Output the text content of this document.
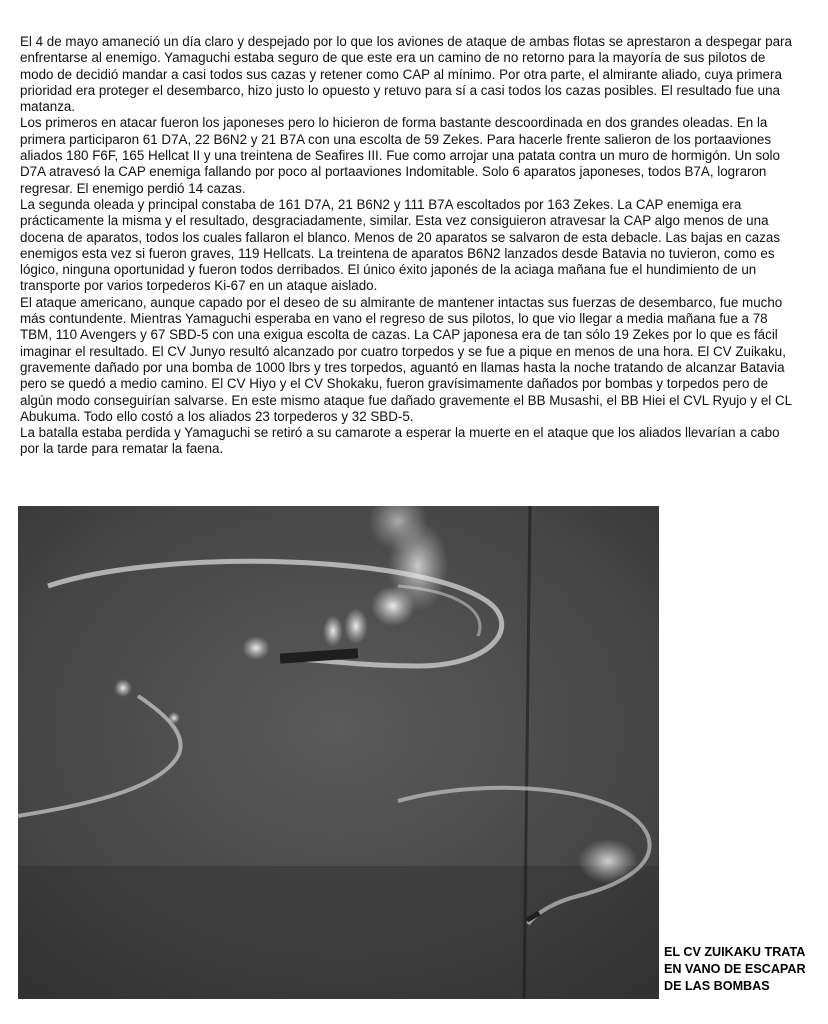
El 4 de mayo amaneció un día claro y despejado por lo que los aviones de ataque de ambas flotas se aprestaron a despegar para enfrentarse al enemigo. Yamaguchi estaba seguro de que este era un camino de no retorno para la mayoría de sus pilotos de modo de decidió mandar a casi todos sus cazas y retener como CAP al mínimo. Por otra parte, el almirante aliado, cuya primera prioridad era proteger el desembarco, hizo justo lo opuesto y retuvo para sí a casi todos los cazas posibles. El resultado fue una matanza.

Los primeros en atacar fueron los japoneses pero lo hicieron de forma bastante descoordinada en dos grandes oleadas. En la primera participaron 61 D7A, 22 B6N2 y 21 B7A con una escolta de 59 Zekes. Para hacerle frente salieron de los portaaviones aliados 180 F6F, 165 Hellcat II y una treintena de Seafires III. Fue como arrojar una patata contra un muro de hormigón. Un solo D7A atravesó la CAP enemiga fallando por poco al portaaviones Indomitable. Solo 6 aparatos japoneses, todos B7A, lograron regresar. El enemigo perdió 14 cazas.

La segunda oleada y principal constaba de 161 D7A, 21 B6N2 y 111 B7A escoltados por 163 Zekes. La CAP enemiga era prácticamente la misma y el resultado, desgraciadamente, similar. Esta vez consiguieron atravesar la CAP algo menos de una docena de aparatos, todos los cuales fallaron el blanco. Menos de 20 aparatos se salvaron de esta debacle. Las bajas en cazas enemigos esta vez si fueron graves, 119 Hellcats. La treintena de aparatos B6N2 lanzados desde Batavia no tuvieron, como es lógico, ninguna oportunidad y fueron todos derribados. El único éxito japonés de la aciaga mañana fue el hundimiento de un transporte por varios torpederos Ki-67 en un ataque aislado.

El ataque americano, aunque capado por el deseo de su almirante de mantener intactas sus fuerzas de desembarco, fue mucho más contundente. Mientras Yamaguchi esperaba en vano el regreso de sus pilotos, lo que vio llegar a media mañana fue a 78 TBM, 110 Avengers y 67 SBD-5 con una exigua escolta de cazas. La CAP japonesa era de tan sólo 19 Zekes por lo que es fácil imaginar el resultado. El CV Junyo resultó alcanzado por cuatro torpedos y se fue a pique en menos de una hora. El CV Zuikaku, gravemente dañado por una bomba de 1000 lbrs y tres torpedos, aguantó en llamas hasta la noche tratando de alcanzar Batavia pero se quedó a medio camino. El CV Hiyo y el CV Shokaku, fueron gravísimamente dañados por bombas y torpedos pero de algún modo conseguirían salvarse. En este mismo ataque fue dañado gravemente el BB Musashi, el BB Hiei el CVL Ryujo y el CL Abukuma. Todo ello costó a los aliados 23 torpederos y 32 SBD-5.

La batalla estaba perdida y Yamaguchi se retiró a su camarote a esperar la muerte en el ataque que los aliados llevarían a cabo por la tarde para rematar la faena.

EL CV ZUIKAKU TRATA
EN VANO DE ESCAPAR
DE LAS BOMBAS
